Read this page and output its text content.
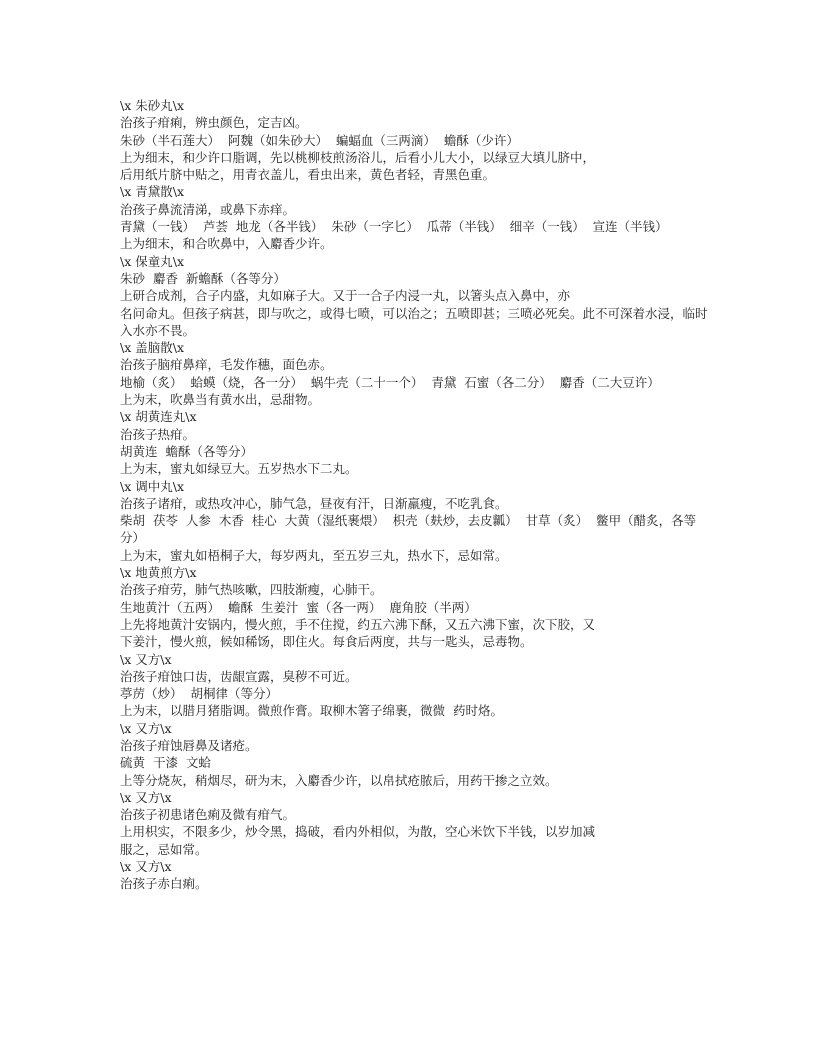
\x 朱砂丸\x

治孩子疳痢，辨虫颜色，定吉凶。

朱砂（半石莲大）  阿魏（如朱砂大）  蝙蝠血（三两滴）  蟾酥（少许）

上为细末，和少许口脂调，先以桃柳枝煎汤浴儿，后看小儿大小，以绿豆大填儿脐中，

后用纸片脐中贴之，用青衣盖儿，看虫出来，黄色者轻，青黑色重。

\x 青黛散\x

治孩子鼻流清涕，或鼻下赤痒。

青黛（一钱）  芦荟  地龙（各半钱）  朱砂（一字匕）  瓜蒂（半钱）  细辛（一钱）  宣连（半钱）

上为细末，和合吹鼻中，入麝香少许。

\x 保童丸\x

朱砂  麝香  新蟾酥（各等分）

上研合成剂，合子内盛，丸如麻子大。又于一合子内浸一丸，以箸头点入鼻中，亦

名问命丸。但孩子病甚，即与吹之，或得七喷，可以治之；五喷即甚；三喷必死矣。此不可深着水浸，临时入水亦不畏。

\x 盖脑散\x

治孩子脑疳鼻痒，毛发作穗，面色赤。

地榆（炙）  蛤蟆（烧，各一分）  蜗牛壳（二十一个）  青黛  石蜜（各二分）  麝香（二大豆许）

上为末，吹鼻当有黄水出，忌甜物。

\x 胡黄连丸\x

治孩子热疳。

胡黄连  蟾酥（各等分）

上为末，蜜丸如绿豆大。五岁热水下二丸。

\x 调中丸\x

治孩子诸疳，或热攻冲心，肺气急，昼夜有汗，日渐羸瘦，不吃乳食。

柴胡  茯苓  人参  木香  桂心  大黄（湿纸裹煨）  枳壳（麸炒，去皮瓤）  甘草（炙）  鳖甲（醋炙，各等分）

上为末，蜜丸如梧桐子大，每岁两丸，至五岁三丸，热水下，忌如常。

\x 地黄煎方\x

治孩子疳劳，肺气热咳嗽，四肢渐瘦，心肺干。

生地黄汁（五两）  蟾酥  生姜汁  蜜（各一两）  鹿角胶（半两）

上先将地黄汁安锅内，慢火煎，手不住搅，约五六沸下酥，又五六沸下蜜，次下胶，又

下姜汁，慢火煎，候如稀饧，即住火。每食后两度，共与一匙头，忌毒物。

\x 又方\x

治孩子疳蚀口齿，齿龈宣露，臭秽不可近。

葶苈（炒）  胡桐律（等分）

上为末，以腊月猪脂调。微煎作膏。取柳木箸子绵裹，微微  药时烙。

\x 又方\x

治孩子疳蚀唇鼻及诸疮。

硫黄  干漆  文蛤

上等分烧灰，稍烟尽，研为末，入麝香少许，以帛拭疮脓后，用药干掺之立效。

\x 又方\x

治孩子初患诸色痢及微有疳气。

上用枳实，不限多少，炒令黑，捣破，看内外相似，为散，空心米饮下半钱，以岁加减

服之，忌如常。

\x 又方\x

治孩子赤白痢。
